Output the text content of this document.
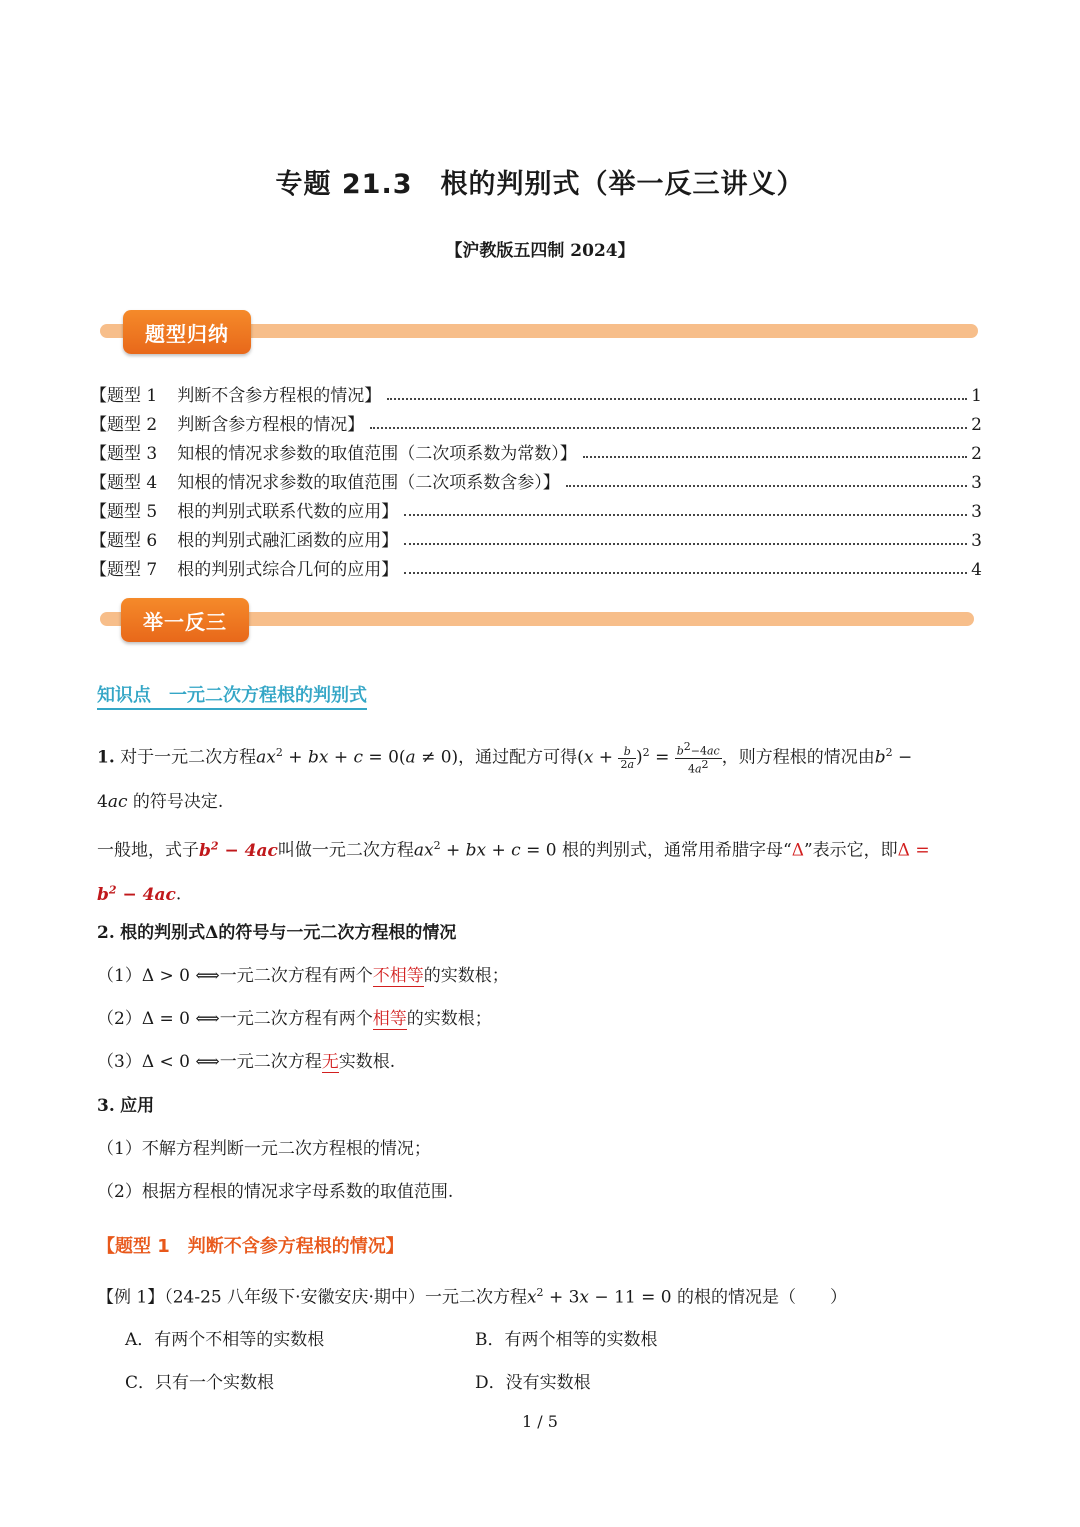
专题 21.3　根的判别式（举一反三讲义）
【沪教版五四制 2024】
题型归纳
【题型 1 判断不含参方程根的情况】	1
【题型 2 判断含参方程根的情况】	2
【题型 3 知根的情况求参数的取值范围（二次项系数为常数）】	2
【题型 4 知根的情况求参数的取值范围（二次项系数含参）】	3
【题型 5 根的判别式联系代数的应用】	3
【题型 6 根的判别式融汇函数的应用】	3
【题型 7 根的判别式综合几何的应用】	4
举一反三
知识点　一元二次方程根的判别式
1. 对于一元二次方程$ax^2$ + bx + c = 0(a ≠ 0)，通过配方可得$(x + \frac{b}{2a} )^2 = \frac{b^2-4ac}{4a^2}$ ，则方程根的情况由$b^2$ −
4ac 的符号决定.
一般地，式子$b^2 - 4ac$叫做一元二次方程$ax^2$ + bx + c = 0 根的判别式，通常用希腊字母“Δ”表示它，即Δ =
$b^2 - 4ac$.
2. 根的判别式Δ的符号与一元二次方程根的情况
（1）Δ > 0 ⟺一元二次方程有两个不相等的实数根；
（2）Δ = 0 ⟺一元二次方程有两个相等的实数根；
（3）Δ < 0 ⟺一元二次方程无实数根.
3. 应用
（1）不解方程判断一元二次方程根的情况；
（2）根据方程根的情况求字母系数的取值范围.
【题型 1　判断不含参方程根的情况】
【例 1】（24-25 八年级下·安徽安庆·期中）一元二次方程$x^2 + 3x - 11 = 0$ 的根的情况是（　　）
A．有两个不相等的实数根	B．有两个相等的实数根
C．只有一个实数根	D．没有实数根
1 / 5
